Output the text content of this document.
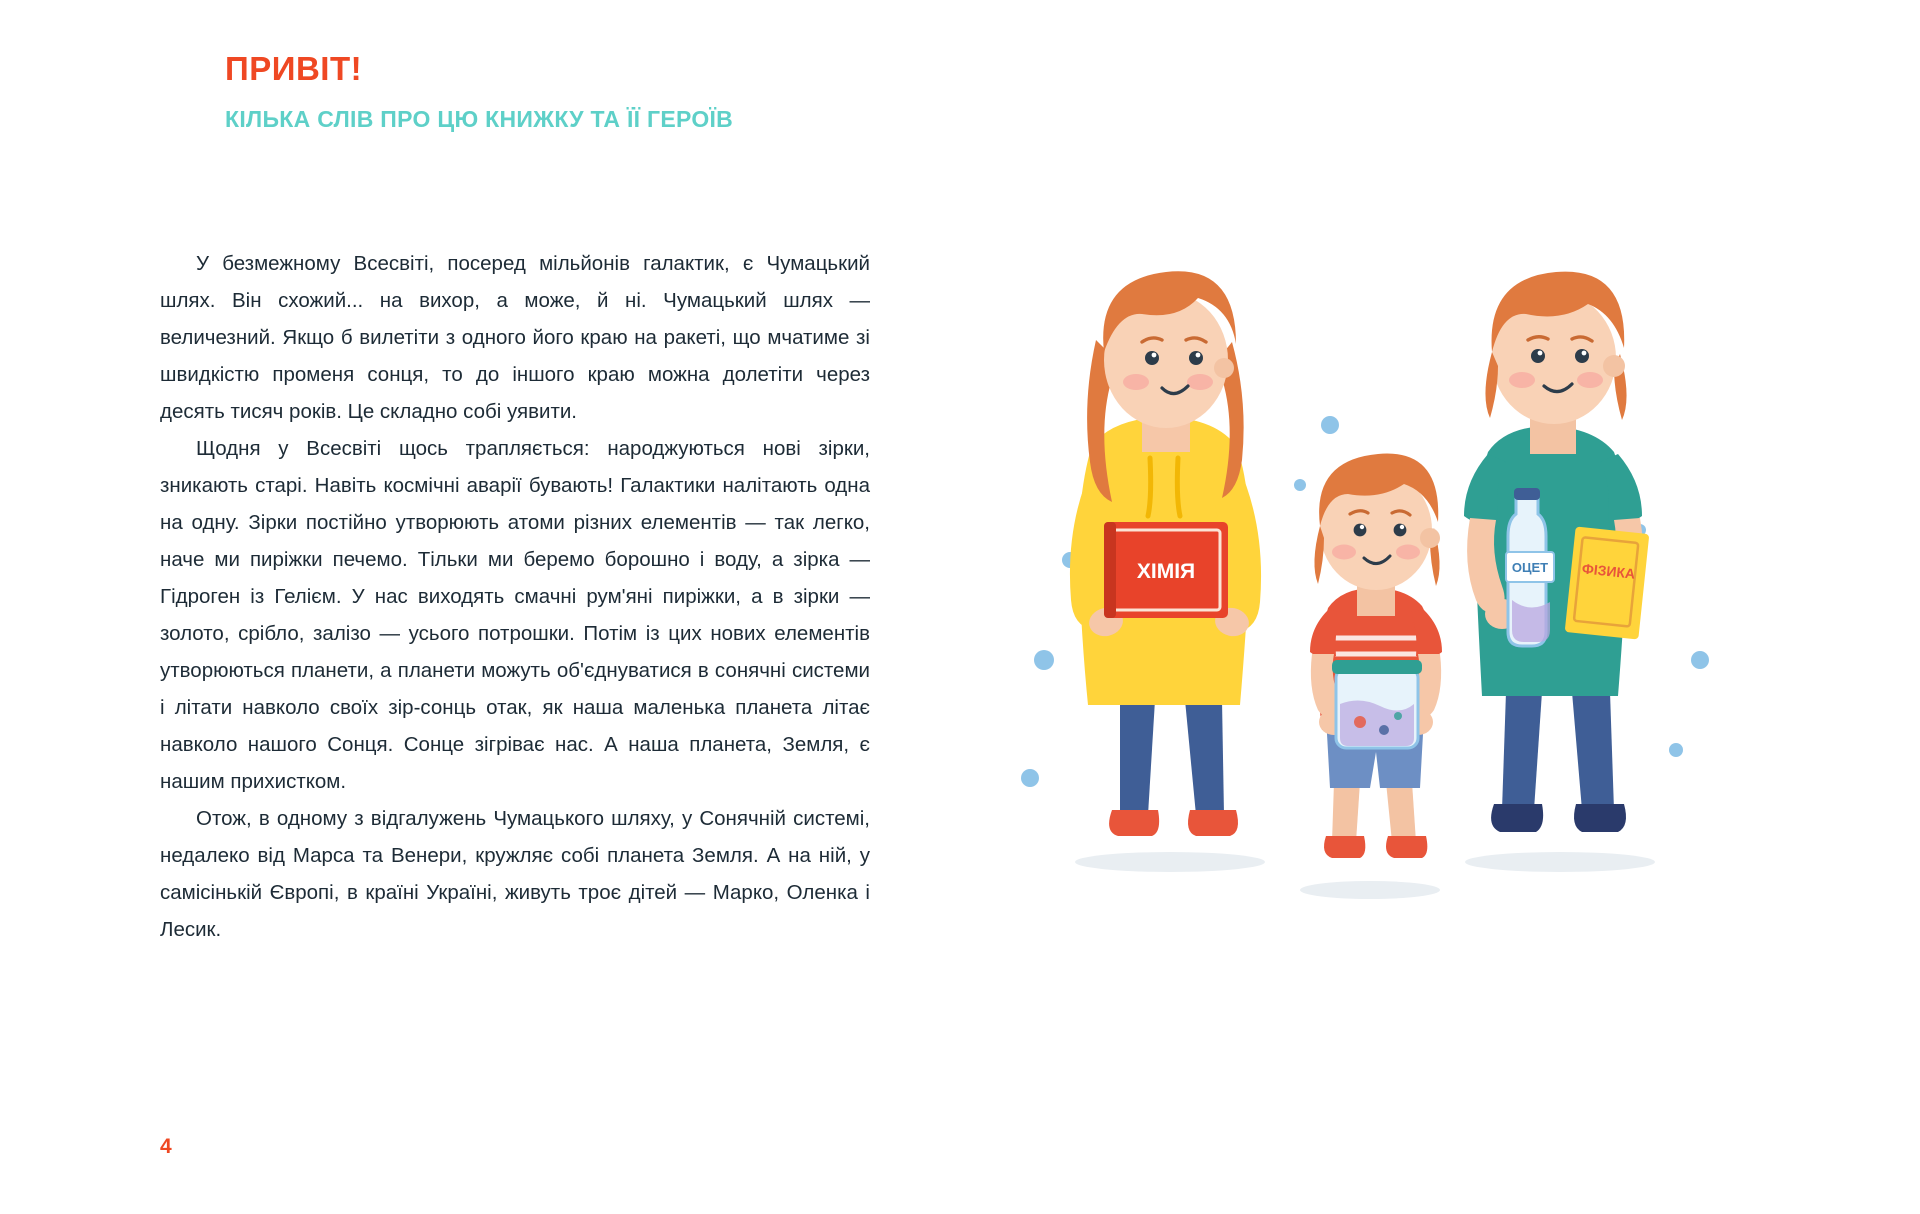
ПРИВІТ!
КІЛЬКА СЛІВ ПРО ЦЮ КНИЖКУ ТА ЇЇ ГЕРОЇВ

У безмежному Всесвіті, посеред мільйонів галактик, є Чумацький шлях. Він схожий... на вихор, а може, й ні. Чумацький шлях — величезний. Якщо б вилетіти з одного його краю на ракеті, що мчатиме зі швидкістю променя сонця, то до іншого краю можна долетіти через десять тисяч років. Це складно собі уявити.

Щодня у Всесвіті щось трапляється: народжуються нові зірки, зникають старі. Навіть космічні аварії бувають! Галактики налітають одна на одну. Зірки постійно утворюють атоми різних елементів — так легко, наче ми пиріжки печемо. Тільки ми беремо борошно і воду, а зірка — Гідроген із Гелієм. У нас виходять смачні рум'яні пиріжки, а в зірки — золото, срібло, залізо — усього потрошки. Потім із цих нових елементів утворюються планети, а планети можуть об'єднуватися в сонячні системи і літати навколо своїх зір-сонць отак, як наша маленька планета літає навколо нашого Сонця. Сонце зігріває нас. А наша планета, Земля, є нашим прихистком.

Отож, в одному з відгалужень Чумацького шляху, у Сонячній системі, недалеко від Марса та Венери, кружляє собі планета Земля. А на ній, у самісінькій Європі, в країні Україні, живуть троє дітей — Марко, Оленка і Лесик.

4
ХІМІЯ	ФІЗИКА
ОЦЕТ
